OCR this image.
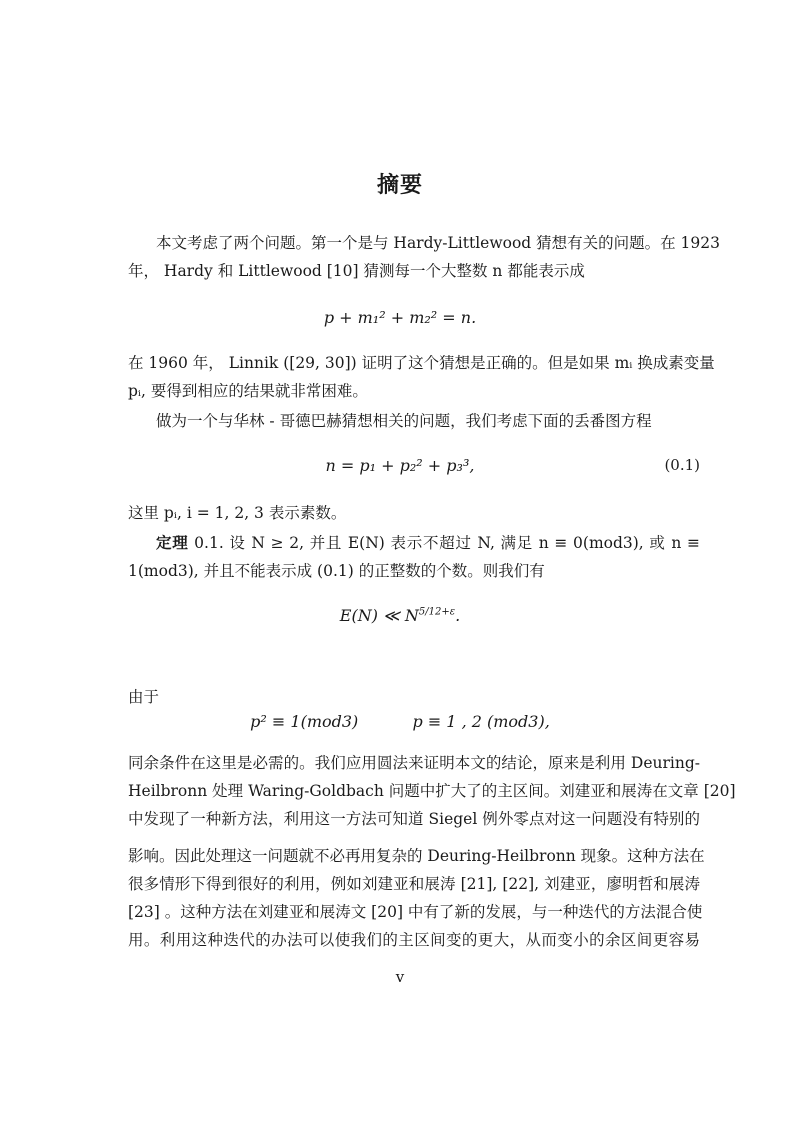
摘要
本文考虑了两个问题。第一个是与 Hardy-Littlewood 猜想有关的问题。在 1923
年， Hardy 和 Littlewood [10] 猜测每一个大整数 n 都能表示成
p + m₁² + m₂² = n.
在 1960 年， Linnik ([29, 30]) 证明了这个猜想是正确的。但是如果 mᵢ 换成素变量
pᵢ, 要得到相应的结果就非常困难。
做为一个与华林 - 哥德巴赫猜想相关的问题，我们考虑下面的丢番图方程
n = p₁ + p₂² + p₃³,	(0.1)
这里 pᵢ, i = 1, 2, 3 表示素数。
定理 0.1. 设 N ≥ 2, 并且 E(N) 表示不超过 N, 满足 n ≡ 0(mod3), 或 n ≡
1(mod3), 并且不能表示成 (0.1) 的正整数的个数。则我们有
E(N) ≪ $N^{5/12+\varepsilon}$.
由于
p² ≡ 1(mod3)	p ≡ 1 , 2 (mod3),
同余条件在这里是必需的。我们应用圆法来证明本文的结论，原来是利用 Deuring-
Heilbronn 处理 Waring-Goldbach 问题中扩大了的主区间。刘建亚和展涛在文章 [20]
中发现了一种新方法，利用这一方法可知道 Siegel 例外零点对这一问题没有特别的
影响。因此处理这一问题就不必再用复杂的 Deuring-Heilbronn 现象。这种方法在
很多情形下得到很好的利用，例如刘建亚和展涛 [21], [22], 刘建亚，廖明哲和展涛
[23] 。这种方法在刘建亚和展涛文 [20] 中有了新的发展，与一种迭代的方法混合使
用。利用这种迭代的办法可以使我们的主区间变的更大，从而变小的余区间更容易
v
